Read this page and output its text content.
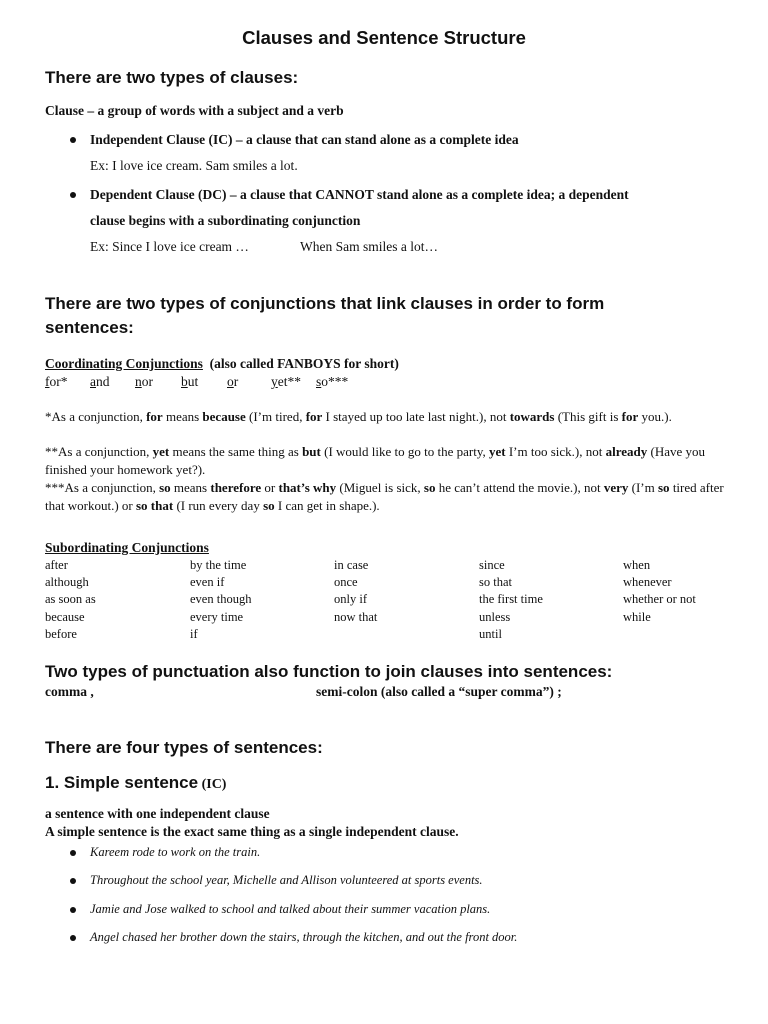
Clauses and Sentence Structure
There are two types of clauses:
Clause – a group of words with a subject and a verb
Independent Clause (IC) – a clause that can stand alone as a complete idea
Ex: I love ice cream. Sam smiles a lot.
Dependent Clause (DC) – a clause that CANNOT stand alone as a complete idea; a dependent
clause begins with a subordinating conjunction
Ex: Since I love ice cream …	When Sam smiles a lot…
There are two types of conjunctions that link clauses in order to form
sentences:
Coordinating Conjunctions (also called FANBOYS for short)
for* and nor but or yet** so***
*As a conjunction, for means because (I’m tired, for I stayed up too late last night.), not towards (This gift is for you.).
**As a conjunction, yet means the same thing as but (I would like to go to the party, yet I’m too sick.), not already (Have you finished your homework yet?).
***As a conjunction, so means therefore or that’s why (Miguel is sick, so he can’t attend the movie.), not very (I’m so tired after that workout.) or so that (I run every day so I can get in shape.).
Subordinating Conjunctions
after
although
as soon as
because
before
by the time
even if
even though
every time
if
in case
once
only if
now that
since
so that
the first time
unless
until
when
whenever
whether or not
while
Two types of punctuation also function to join clauses into sentences:
comma ,	semi-colon (also called a “super comma”) ;
There are four types of sentences:
1. Simple sentence (IC)
a sentence with one independent clause
A simple sentence is the exact same thing as a single independent clause.
Kareem rode to work on the train.
Throughout the school year, Michelle and Allison volunteered at sports events.
Jamie and Jose walked to school and talked about their summer vacation plans.
Angel chased her brother down the stairs, through the kitchen, and out the front door.
